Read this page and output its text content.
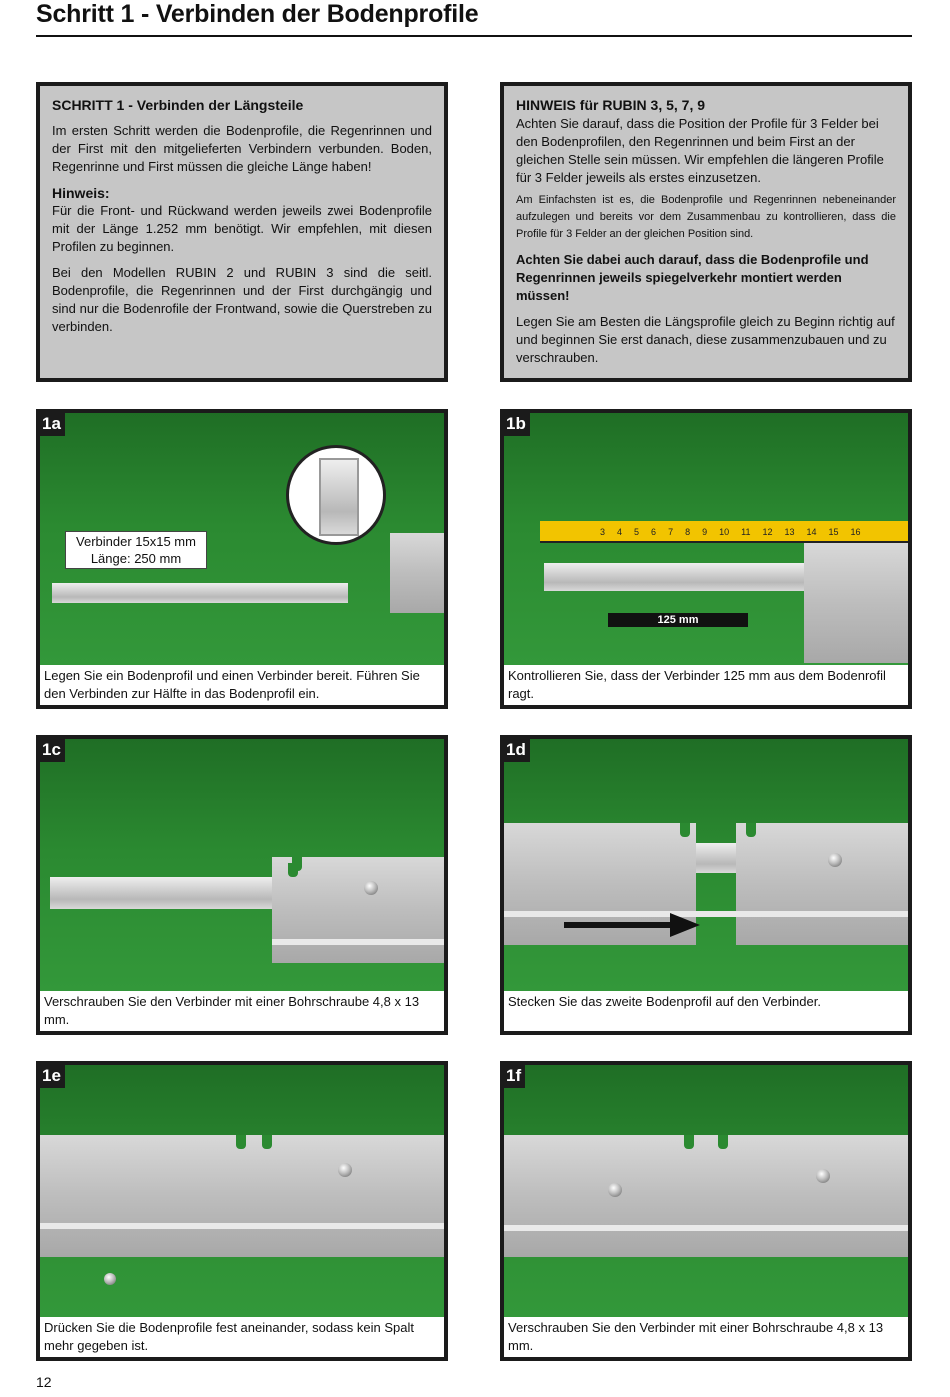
Schritt 1 - Verbinden der Bodenprofile
SCHRITT 1 - Verbinden der Längsteile

Im ersten Schritt werden die Bodenprofile, die Regenrinnen und der First mit den mitgelieferten Verbindern verbunden. Boden, Regenrinne und First müssen die gleiche Länge haben!

Hinweis:

Für die Front- und Rückwand werden jeweils zwei Bodenprofile mit der Länge 1.252 mm benötigt. Wir empfehlen, mit diesen Profilen zu beginnen.

Bei den Modellen RUBIN 2 und RUBIN 3 sind die seitl. Bodenprofile, die Regenrinnen und der First durchgängig und sind nur die Bodenrofile der Frontwand, sowie die Querstreben zu verbinden.

HINWEIS für RUBIN 3, 5, 7, 9

Achten Sie darauf, dass die Position der Profile für 3 Felder bei den Bodenprofilen, den Regenrinnen und beim First an der gleichen Stelle sein müssen. Wir empfehlen die längeren Profile für 3 Felder jeweils als erstes einzusetzen.

Am Einfachsten ist es, die Bodenprofile und Regenrinnen nebeneinander aufzulegen und bereits vor dem Zusammenbau zu kontrollieren, dass die Profile für 3 Felder an der gleichen Position sind.

Achten Sie dabei auch darauf, dass die Bodenprofile und Regenrinnen jeweils spiegelverkehr montiert werden müssen!

Legen Sie am Besten die Längsprofile gleich zu Beginn richtig auf und beginnen Sie erst danach, diese zusammenzubauen und zu verschrauben.

Verbinder 15x15 mm
Länge: 250 mm
1a
Legen Sie ein Bodenprofil und einen Verbinder bereit. Führen Sie den Verbinden zur Hälfte in das Bodenprofil ein.
3 4 5 6 7 8 9 10 11 12 13 14 15 16
125 mm
1b
Kontrollieren Sie, dass der Verbinder 125 mm aus dem Bodenrofil ragt.
1c
Verschrauben Sie den Verbinder mit einer Bohrschraube 4,8 x 13 mm.
1d
Stecken Sie das zweite Bodenprofil auf den Verbinder.
1e
Drücken Sie die Bodenprofile fest aneinander, sodass kein Spalt mehr gegeben ist.
1f
Verschrauben Sie den Verbinder mit einer Bohrschraube 4,8 x 13 mm.
12
